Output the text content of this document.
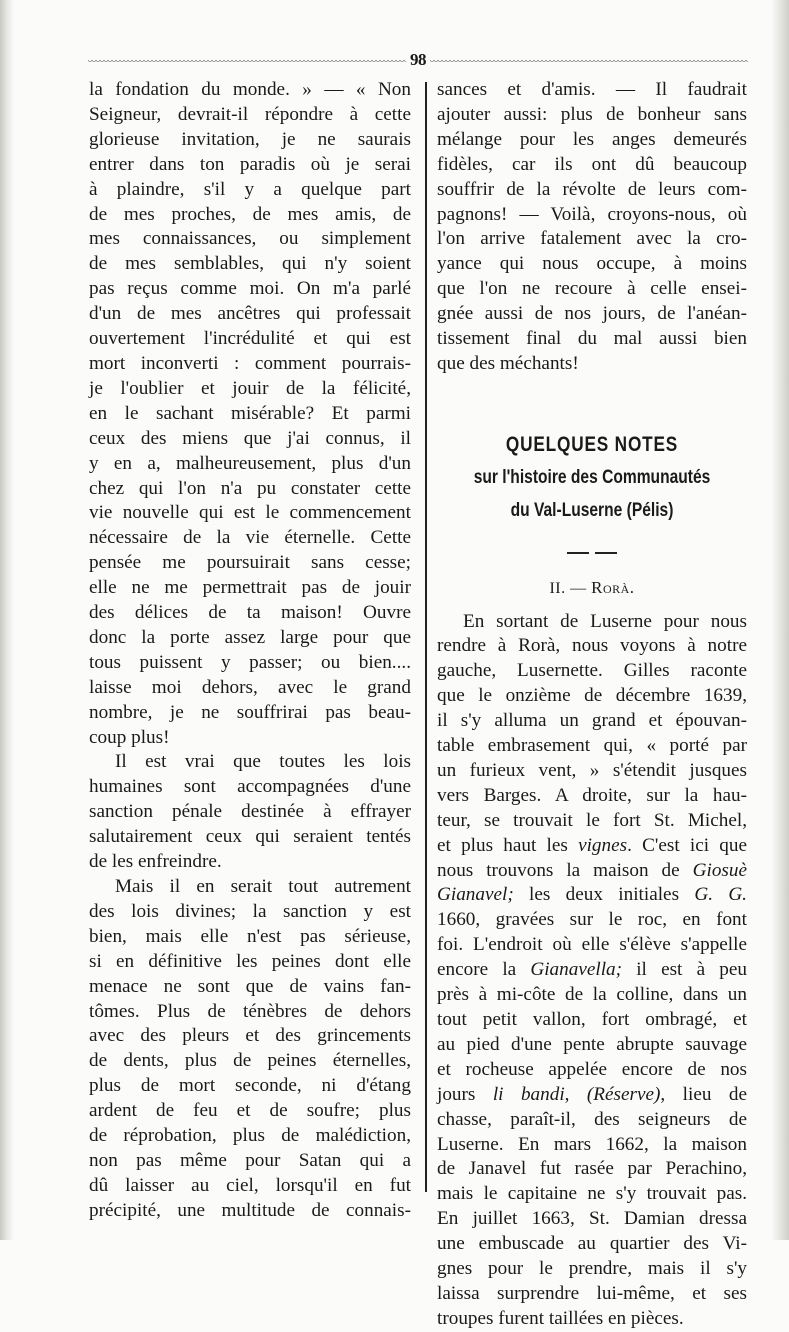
98
la fondation du monde. » — « Non
Seigneur, devrait-il répondre à cette
glorieuse invitation, je ne saurais
entrer dans ton paradis où je serai
à plaindre, s'il y a quelque part
de mes proches, de mes amis, de
mes connaissances, ou simplement
de mes semblables, qui n'y soient
pas reçus comme moi. On m'a parlé
d'un de mes ancêtres qui professait
ouvertement l'incrédulité et qui est
mort inconverti : comment pourrais-
je l'oublier et jouir de la félicité,
en le sachant misérable? Et parmi
ceux des miens que j'ai connus, il
y en a, malheureusement, plus d'un
chez qui l'on n'a pu constater cette
vie nouvelle qui est le commencement
nécessaire de la vie éternelle. Cette
pensée me poursuirait sans cesse;
elle ne me permettrait pas de jouir
des délices de ta maison! Ouvre
donc la porte assez large pour que
tous puissent y passer; ou bien....
laisse moi dehors, avec le grand
nombre, je ne souffrirai pas beau-
coup plus!
Il est vrai que toutes les lois
humaines sont accompagnées d'une
sanction pénale destinée à effrayer
salutairement ceux qui seraient tentés
de les enfreindre.
Mais il en serait tout autrement
des lois divines; la sanction y est
bien, mais elle n'est pas sérieuse,
si en définitive les peines dont elle
menace ne sont que de vains fan-
tômes. Plus de ténèbres de dehors
avec des pleurs et des grincements
de dents, plus de peines éternelles,
plus de mort seconde, ni d'étang
ardent de feu et de soufre; plus
de réprobation, plus de malédiction,
non pas même pour Satan qui a
dû laisser au ciel, lorsqu'il en fut
précipité, une multitude de connais-
sances et d'amis. — Il faudrait
ajouter aussi: plus de bonheur sans
mélange pour les anges demeurés
fidèles, car ils ont dû beaucoup
souffrir de la révolte de leurs com-
pagnons! — Voilà, croyons-nous, où
l'on arrive fatalement avec la cro-
yance qui nous occupe, à moins
que l'on ne recoure à celle ensei-
gnée aussi de nos jours, de l'anéan-
tissement final du mal aussi bien
que des méchants!
QUELQUES NOTES
sur l'histoire des Communautés
du Val-Luserne (Pélis)
II. — Rorà.
En sortant de Luserne pour nous
rendre à Rorà, nous voyons à notre
gauche, Lusernette. Gilles raconte
que le onzième de décembre 1639,
il s'y alluma un grand et épouvan-
table embrasement qui, « porté par
un furieux vent, » s'étendit jusques
vers Barges. A droite, sur la hau-
teur, se trouvait le fort St. Michel,
et plus haut les vignes. C'est ici que
nous trouvons la maison de Giosuè
Gianavel; les deux initiales G. G.
1660, gravées sur le roc, en font
foi. L'endroit où elle s'élève s'appelle
encore la Gianavella; il est à peu
près à mi-côte de la colline, dans un
tout petit vallon, fort ombragé, et
au pied d'une pente abrupte sauvage
et rocheuse appelée encore de nos
jours li bandi, (Réserve), lieu de
chasse, paraît-il, des seigneurs de
Luserne. En mars 1662, la maison
de Janavel fut rasée par Perachino,
mais le capitaine ne s'y trouvait pas.
En juillet 1663, St. Damian dressa
une embuscade au quartier des Vi-
gnes pour le prendre, mais il s'y
laissa surprendre lui-même, et ses
troupes furent taillées en pièces.
